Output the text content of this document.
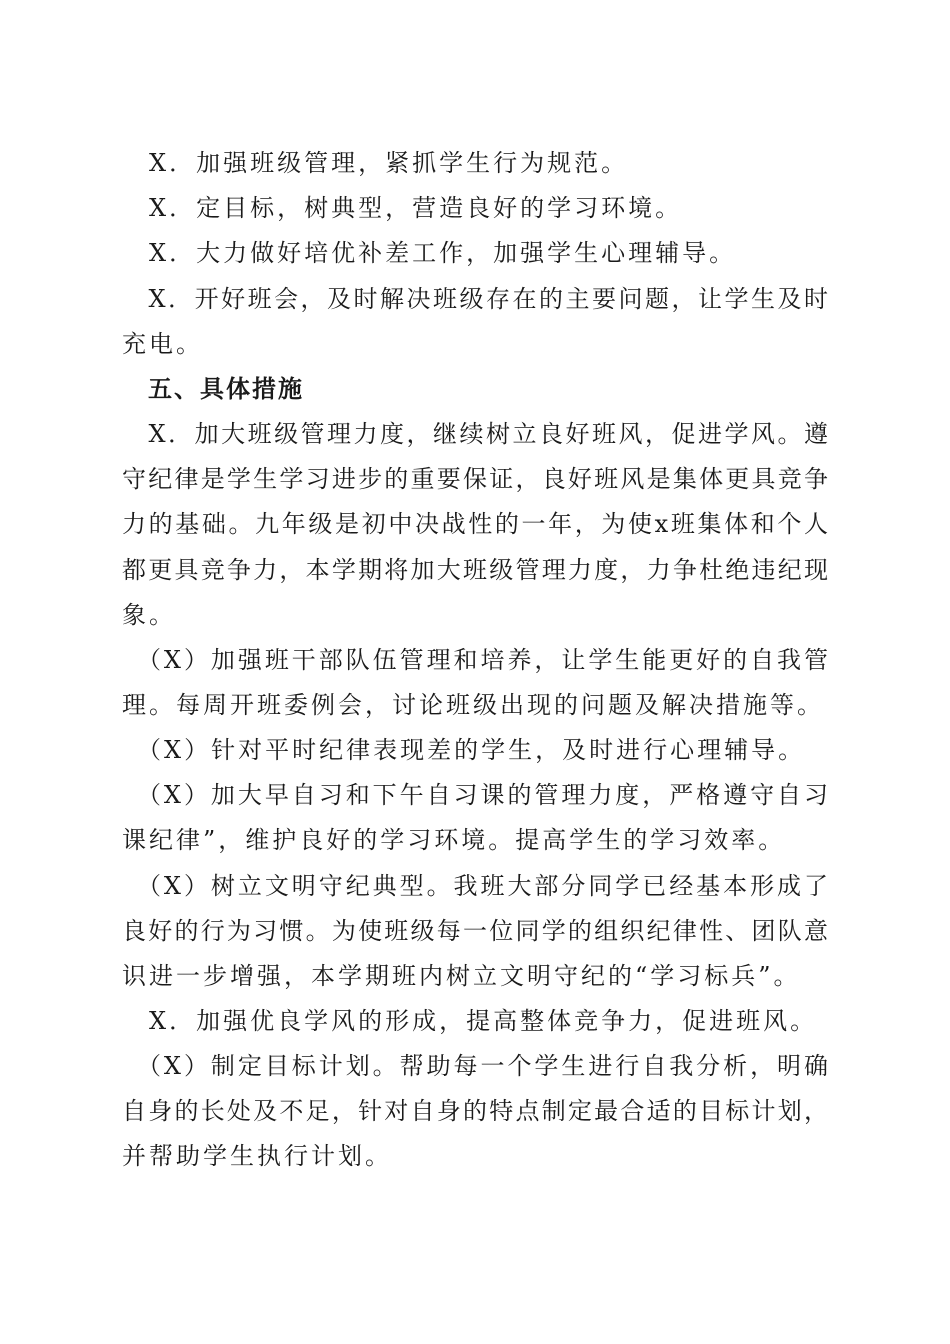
　X．加强班级管理，紧抓学生行为规范。
　X．定目标，树典型，营造良好的学习环境。
　X．大力做好培优补差工作，加强学生心理辅导。
　X．开好班会，及时解决班级存在的主要问题，让学生及时
充电。
　五、具体措施
　X．加大班级管理力度，继续树立良好班风，促进学风。遵
守纪律是学生学习进步的重要保证，良好班风是集体更具竞争
力的基础。九年级是初中决战性的一年，为使x班集体和个人
都更具竞争力，本学期将加大班级管理力度，力争杜绝违纪现
象。
　（X）加强班干部队伍管理和培养，让学生能更好的自我管
理。每周开班委例会，讨论班级出现的问题及解决措施等。
　（X）针对平时纪律表现差的学生，及时进行心理辅导。
　（X）加大早自习和下午自习课的管理力度，严格遵守自习
课纪律”，维护良好的学习环境。提高学生的学习效率。
　（X）树立文明守纪典型。我班大部分同学已经基本形成了
良好的行为习惯。为使班级每一位同学的组织纪律性、团队意
识进一步增强，本学期班内树立文明守纪的“学习标兵”。
　X．加强优良学风的形成，提高整体竞争力，促进班风。
　（X）制定目标计划。帮助每一个学生进行自我分析，明确
自身的长处及不足，针对自身的特点制定最合适的目标计划，
并帮助学生执行计划。
